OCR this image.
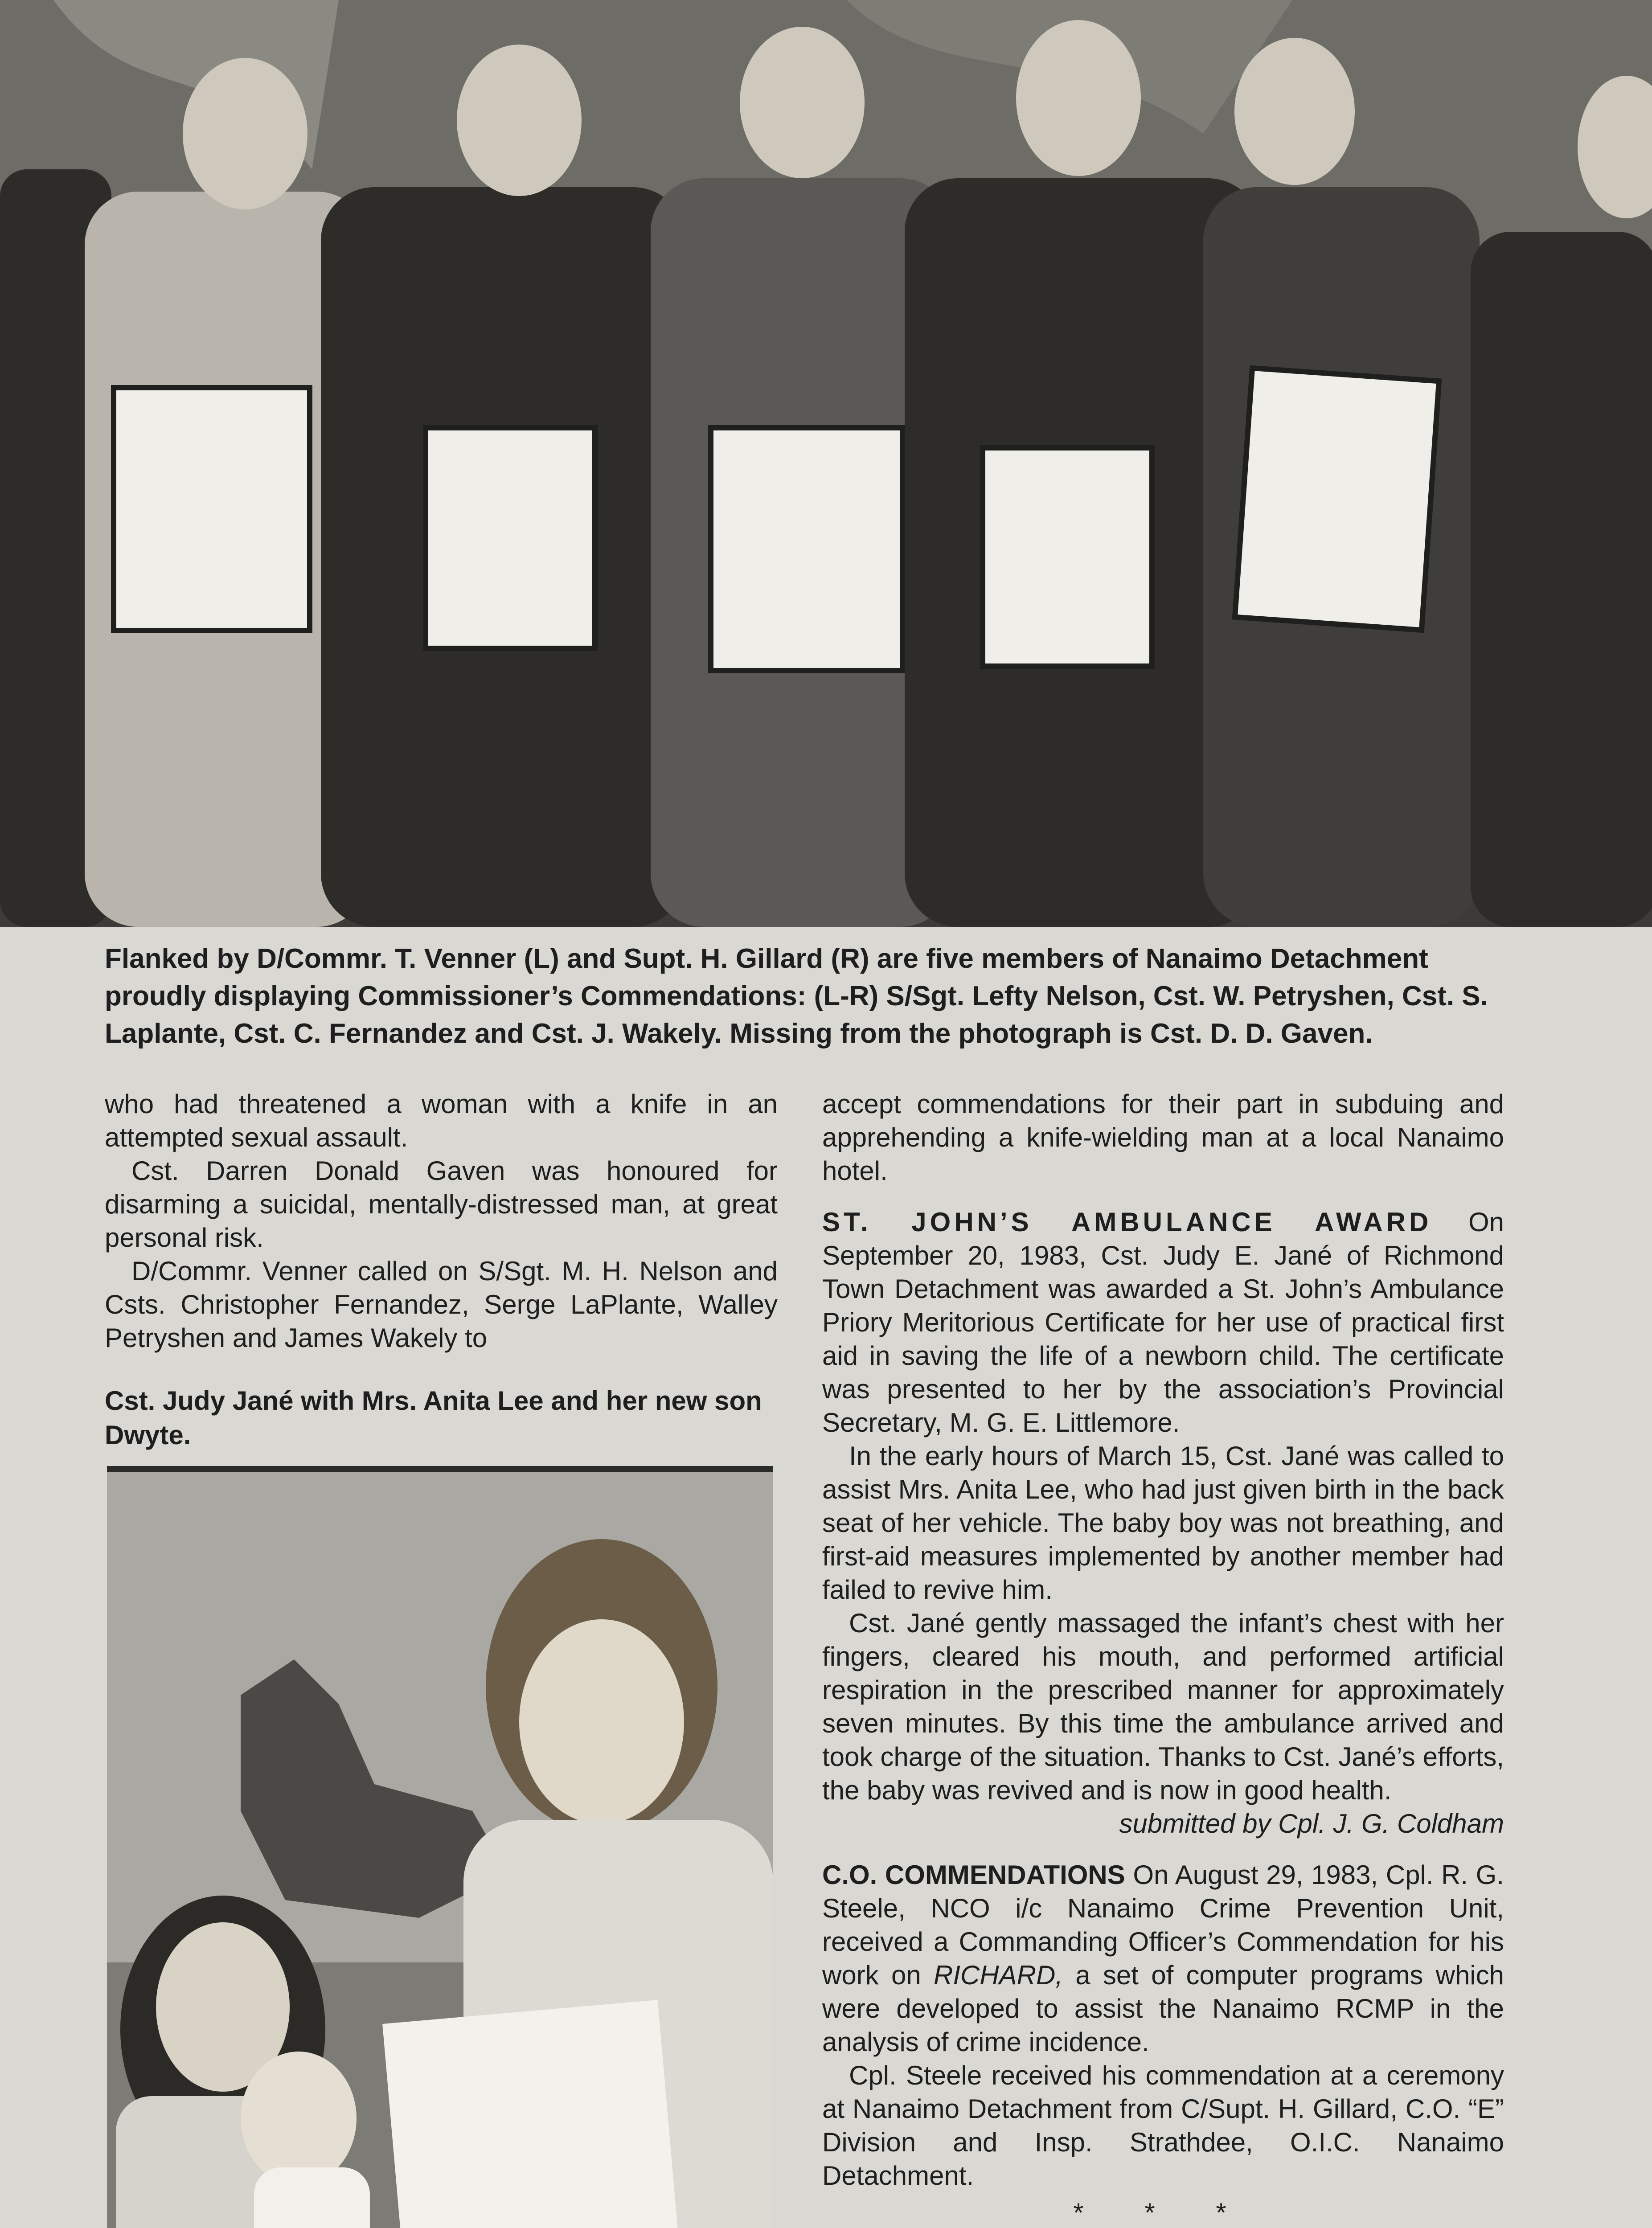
Flanked by D/Commr. T. Venner (L) and Supt. H. Gillard (R) are five members of Nanaimo Detachment proudly displaying Commissioner’s Commendations: (L-R) S/Sgt. Lefty Nelson, Cst. W. Petryshen, Cst. S. Laplante, Cst. C. Fernandez and Cst. J. Wakely. Missing from the photograph is Cst. D. D. Gaven.

who had threatened a woman with a knife in an attempted sexual assault.

Cst. Darren Donald Gaven was honoured for disarming a suicidal, mentally-distressed man, at great personal risk.

D/Commr. Venner called on S/Sgt. M. H. Nelson and Csts. Christopher Fernandez, Serge LaPlante, Walley Petryshen and James Wakely to

Cst. Judy Jané with Mrs. Anita Lee and her new son Dwyte.

accept commendations for their part in subduing and apprehending a knife-wielding man at a local Nanaimo hotel.

ST. JOHN’S AMBULANCE AWARD On September 20, 1983, Cst. Judy E. Jané of Richmond Town Detachment was awarded a St. John’s Ambulance Priory Meritorious Certificate for her use of practical first aid in saving the life of a newborn child. The certificate was presented to her by the association’s Provincial Secretary, M. G. E. Littlemore.

In the early hours of March 15, Cst. Jané was called to assist Mrs. Anita Lee, who had just given birth in the back seat of her vehicle. The baby boy was not breathing, and first-aid measures implemented by another member had failed to revive him.

Cst. Jané gently massaged the infant’s chest with her fingers, cleared his mouth, and performed artificial respiration in the prescribed manner for approximately seven minutes. By this time the ambulance arrived and took charge of the situation. Thanks to Cst. Jané’s efforts, the baby was revived and is now in good health.

submitted by Cpl. J. G. Coldham

C.O. COMMENDATIONS On August 29, 1983, Cpl. R. G. Steele, NCO i/c Nanaimo Crime Prevention Unit, received a Commanding Officer’s Commendation for his work on RICHARD, a set of computer programs which were developed to assist the Nanaimo RCMP in the analysis of crime incidence.

Cpl. Steele received his commendation at a ceremony at Nanaimo Detachment from C/Supt. H. Gillard, C.O. “E” Division and Insp. Strathdee, O.I.C. Nanaimo Detachment.

* * *
